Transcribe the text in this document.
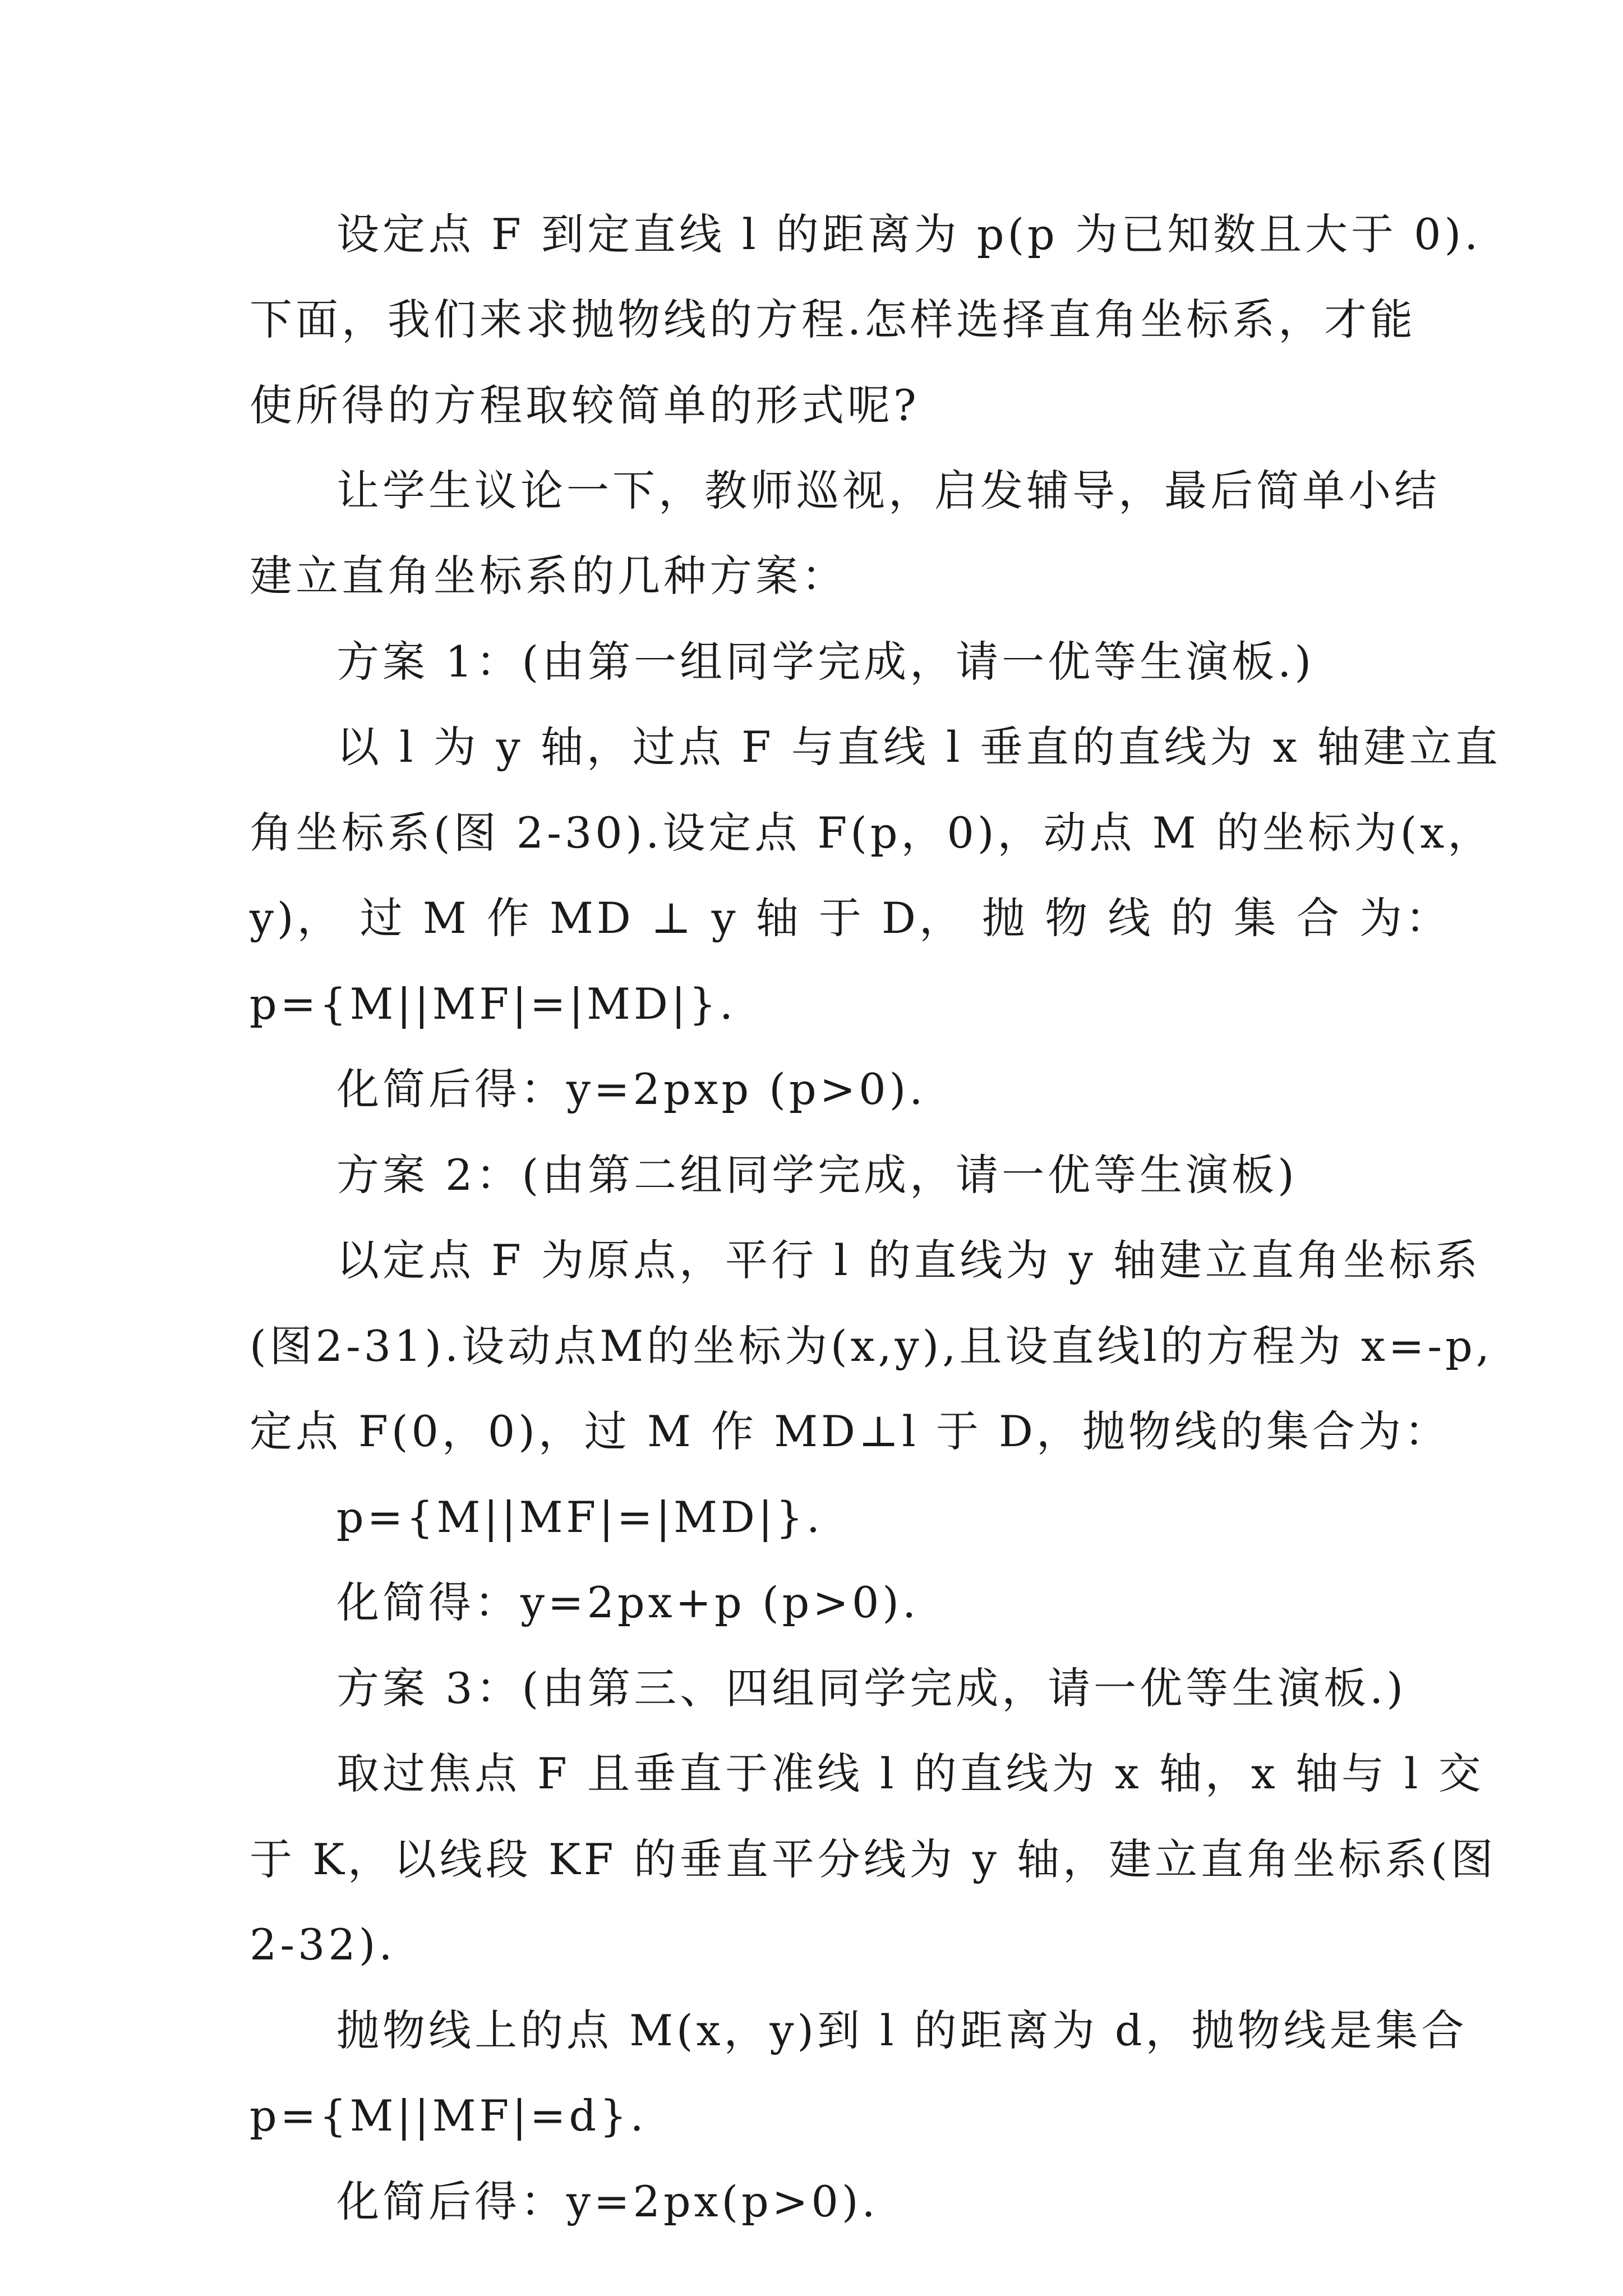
设定点 F 到定直线 l 的距离为 p(p 为已知数且大于 0).
下面，我们来求抛物线的方程.怎样选择直角坐标系，才能
使所得的方程取较简单的形式呢?
让学生议论一下，教师巡视，启发辅导，最后简单小结
建立直角坐标系的几种方案：
方案 1：(由第一组同学完成，请一优等生演板.)
以 l 为 y 轴，过点 F 与直线 l 垂直的直线为 x 轴建立直
角坐标系(图 2-30).设定点 F(p，0)，动点 M 的坐标为(x，
y)， 过 M 作 MD ⊥ y 轴 于 D， 抛 物 线 的 集 合 为：
p={M||MF|=|MD|}.
化简后得：y=2pxp (p>0).
方案 2：(由第二组同学完成，请一优等生演板)
以定点 F 为原点，平行 l 的直线为 y 轴建立直角坐标系
(图2-31).设动点M的坐标为(x,y),且设直线l的方程为 x=-p,
定点 F(0，0)，过 M 作 MD⊥l 于 D，抛物线的集合为：
p={M||MF|=|MD|}.
化简得：y=2px+p (p>0).
方案 3：(由第三、四组同学完成，请一优等生演板.)
取过焦点 F 且垂直于准线 l 的直线为 x 轴，x 轴与 l 交
于 K，以线段 KF 的垂直平分线为 y 轴，建立直角坐标系(图
2-32).
抛物线上的点 M(x，y)到 l 的距离为 d，抛物线是集合
p={M||MF|=d}.
化简后得：y=2px(p>0).
